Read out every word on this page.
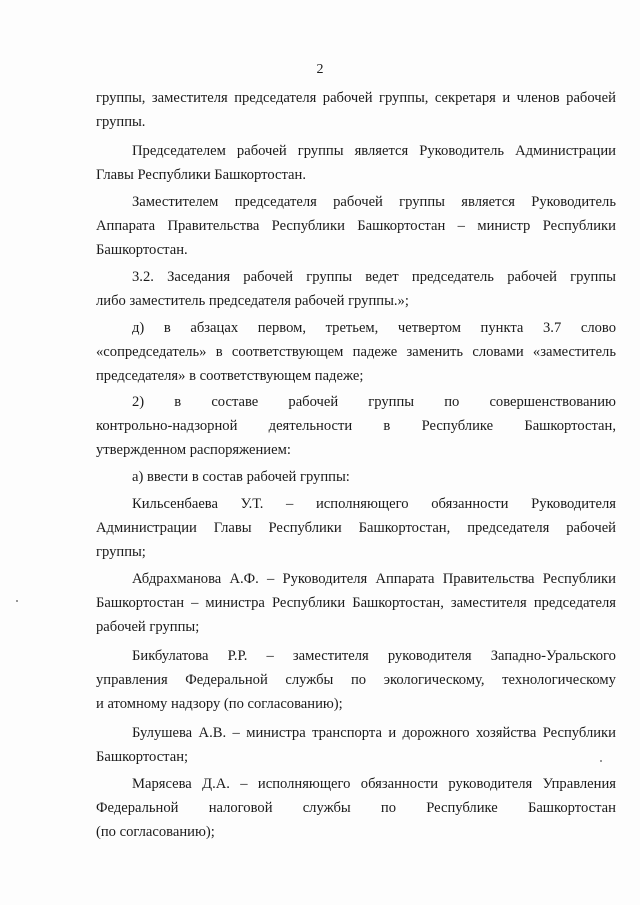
2
группы, заместителя председателя рабочей группы, секретаря и членов рабочей
группы.
Председателем рабочей группы является Руководитель Администрации
Главы Республики Башкортостан.
Заместителем председателя рабочей группы является Руководитель
Аппарата Правительства Республики Башкортостан – министр Республики
Башкортостан.
3.2. Заседания рабочей группы ведет председатель рабочей группы
либо заместитель председателя рабочей группы.»;
д) в абзацах первом, третьем, четвертом пункта 3.7 слово
«сопредседатель» в соответствующем падеже заменить словами «заместитель
председателя» в соответствующем падеже;
2) в составе рабочей группы по совершенствованию
контрольно-надзорной деятельности в Республике Башкортостан,
утвержденном распоряжением:
а) ввести в состав рабочей группы:
Кильсенбаева У.Т. – исполняющего обязанности Руководителя
Администрации Главы Республики Башкортостан, председателя рабочей
группы;
Абдрахманова А.Ф. – Руководителя Аппарата Правительства Республики
Башкортостан – министра Республики Башкортостан, заместителя председателя
рабочей группы;
Бикбулатова Р.Р. – заместителя руководителя Западно-Уральского
управления Федеральной службы по экологическому, технологическому
и атомному надзору (по согласованию);
Булушева А.В. – министра транспорта и дорожного хозяйства Республики
Башкортостан;
Марясева Д.А. – исполняющего обязанности руководителя Управления
Федеральной налоговой службы по Республике Башкортостан
(по согласованию);
